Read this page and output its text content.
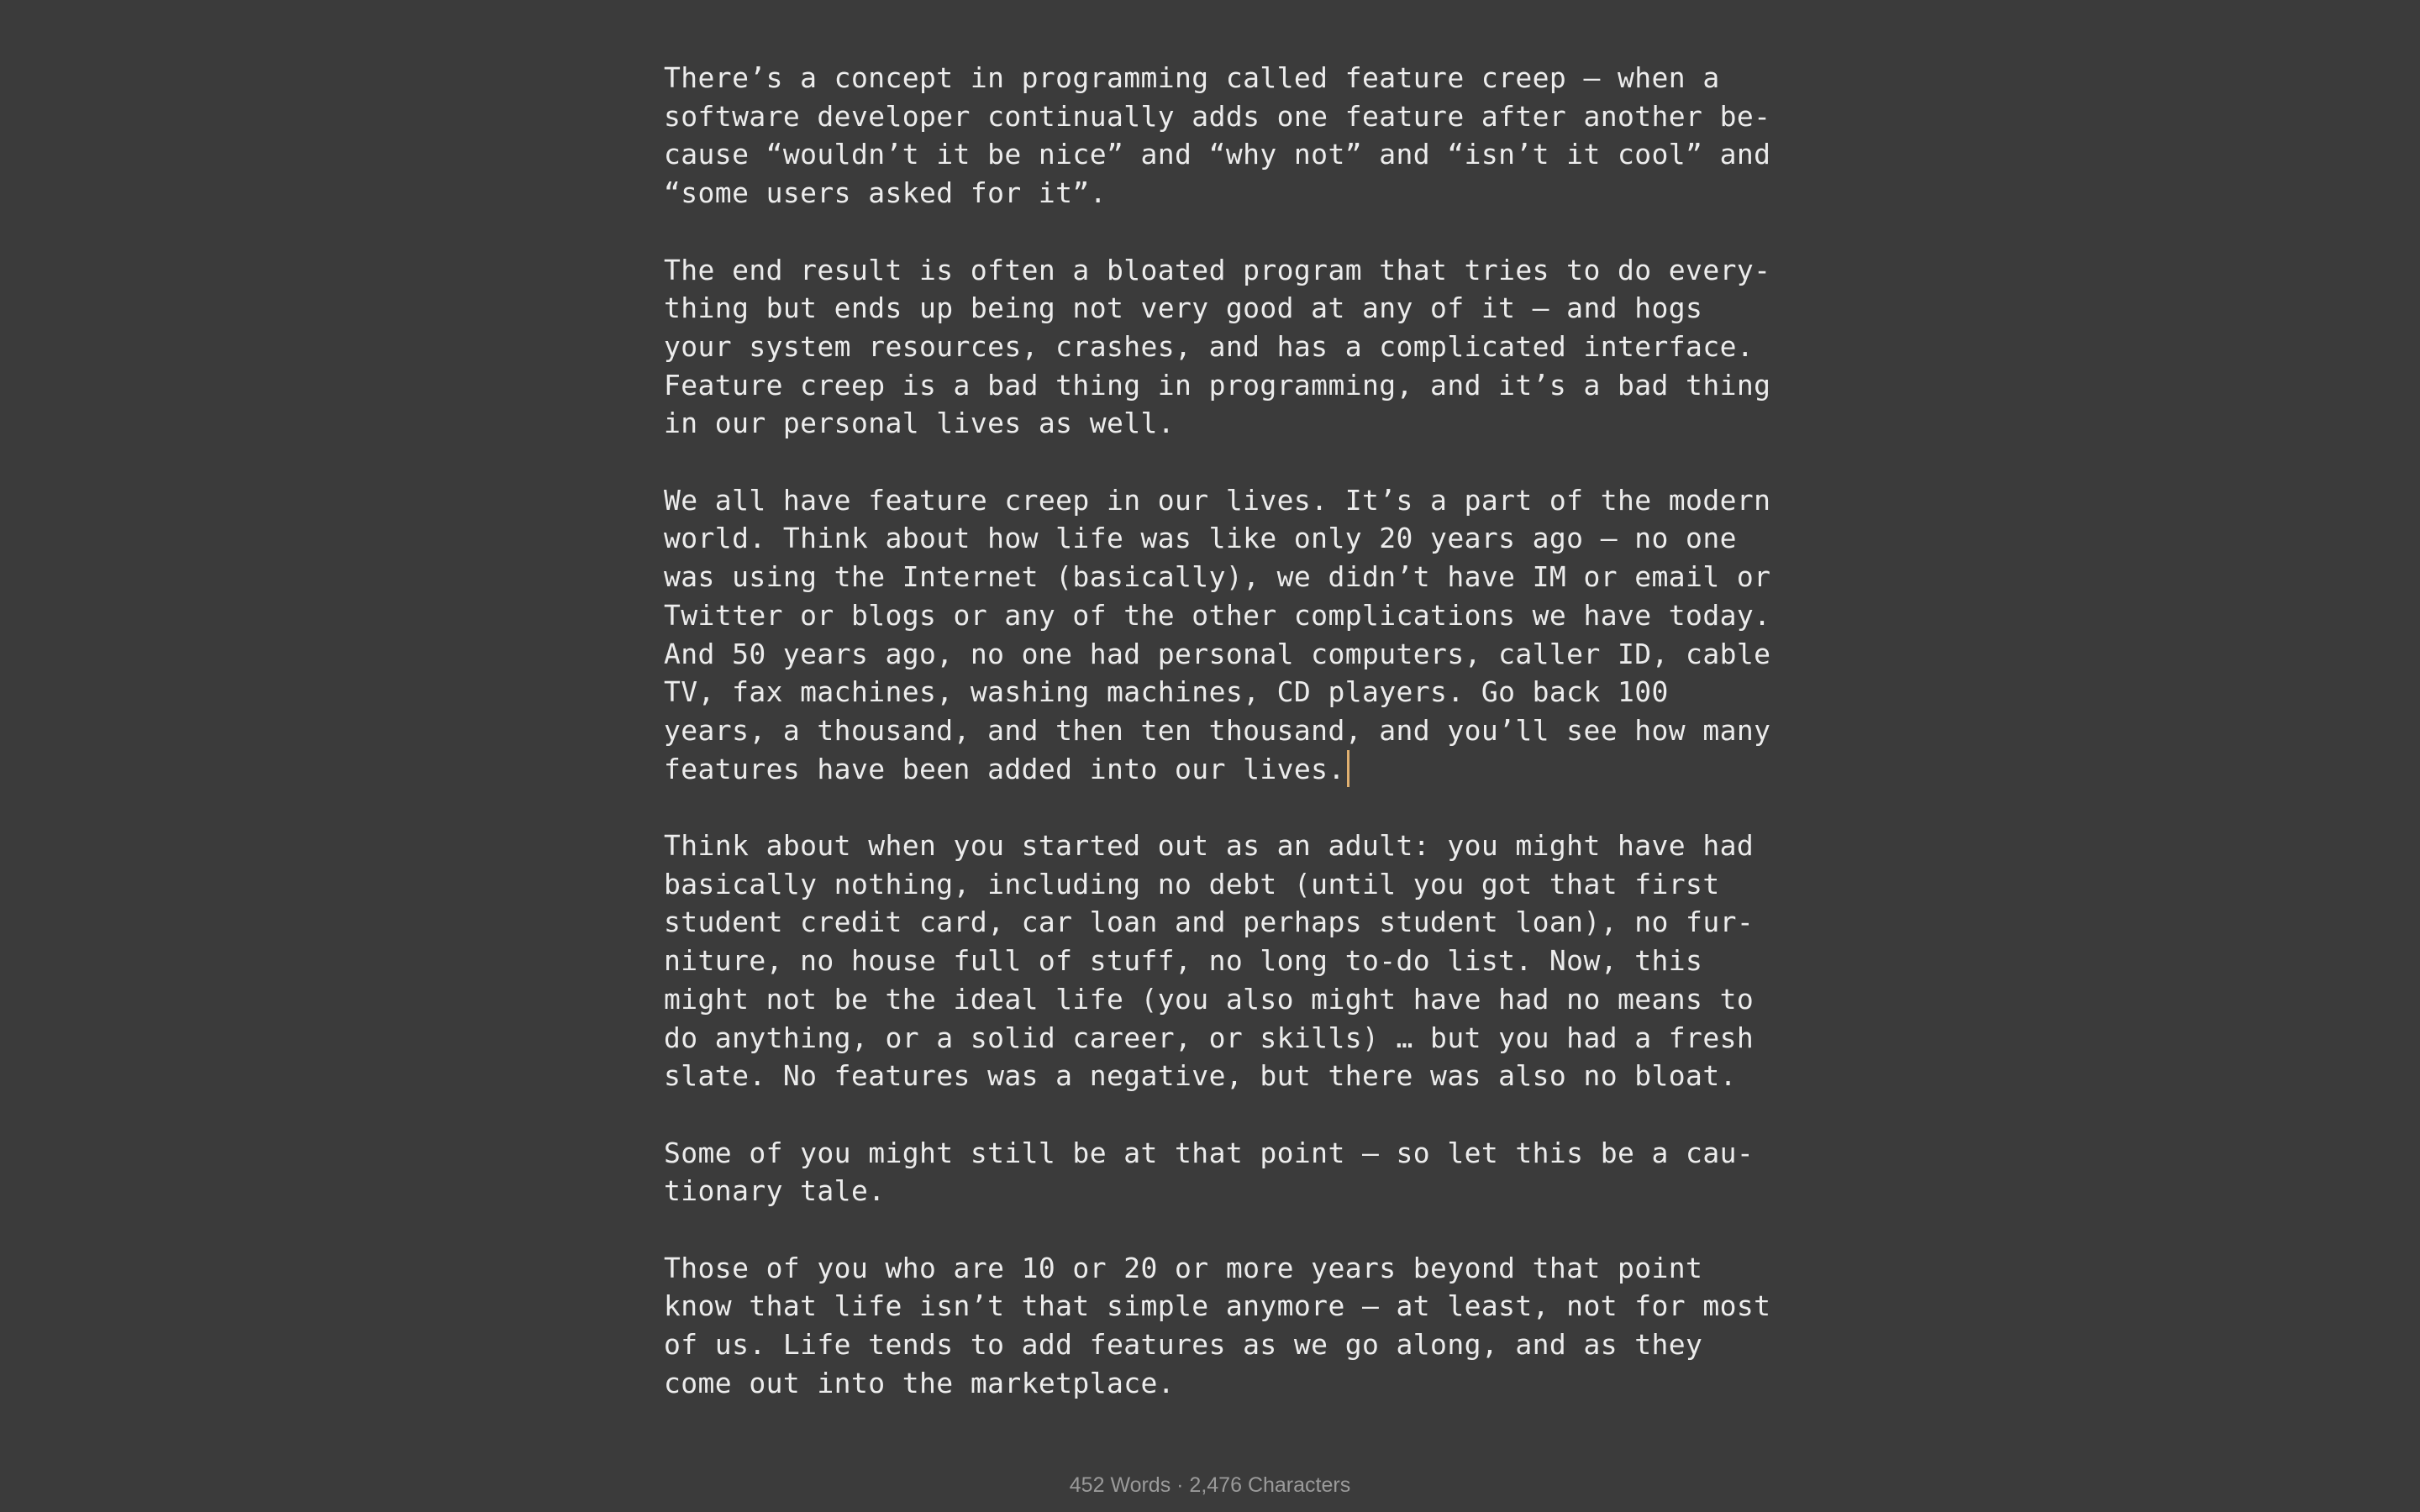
There’s a concept in programming called feature creep — when a
software developer continually adds one feature after another be-
cause “wouldn’t it be nice” and “why not” and “isn’t it cool” and
“some users asked for it”.

The end result is often a bloated program that tries to do every-
thing but ends up being not very good at any of it — and hogs
your system resources, crashes, and has a complicated interface.
Feature creep is a bad thing in programming, and it’s a bad thing
in our personal lives as well.

We all have feature creep in our lives. It’s a part of the modern
world. Think about how life was like only 20 years ago — no one
was using the Internet (basically), we didn’t have IM or email or
Twitter or blogs or any of the other complications we have today.
And 50 years ago, no one had personal computers, caller ID, cable
TV, fax machines, washing machines, CD players. Go back 100
years, a thousand, and then ten thousand, and you’ll see how many
features have been added into our lives.

Think about when you started out as an adult: you might have had
basically nothing, including no debt (until you got that first
student credit card, car loan and perhaps student loan), no fur-
niture, no house full of stuff, no long to-do list. Now, this
might not be the ideal life (you also might have had no means to
do anything, or a solid career, or skills) … but you had a fresh
slate. No features was a negative, but there was also no bloat.

Some of you might still be at that point — so let this be a cau-
tionary tale.

Those of you who are 10 or 20 or more years beyond that point
know that life isn’t that simple anymore — at least, not for most
of us. Life tends to add features as we go along, and as they
come out into the marketplace.

452 Words · 2,476 Characters
